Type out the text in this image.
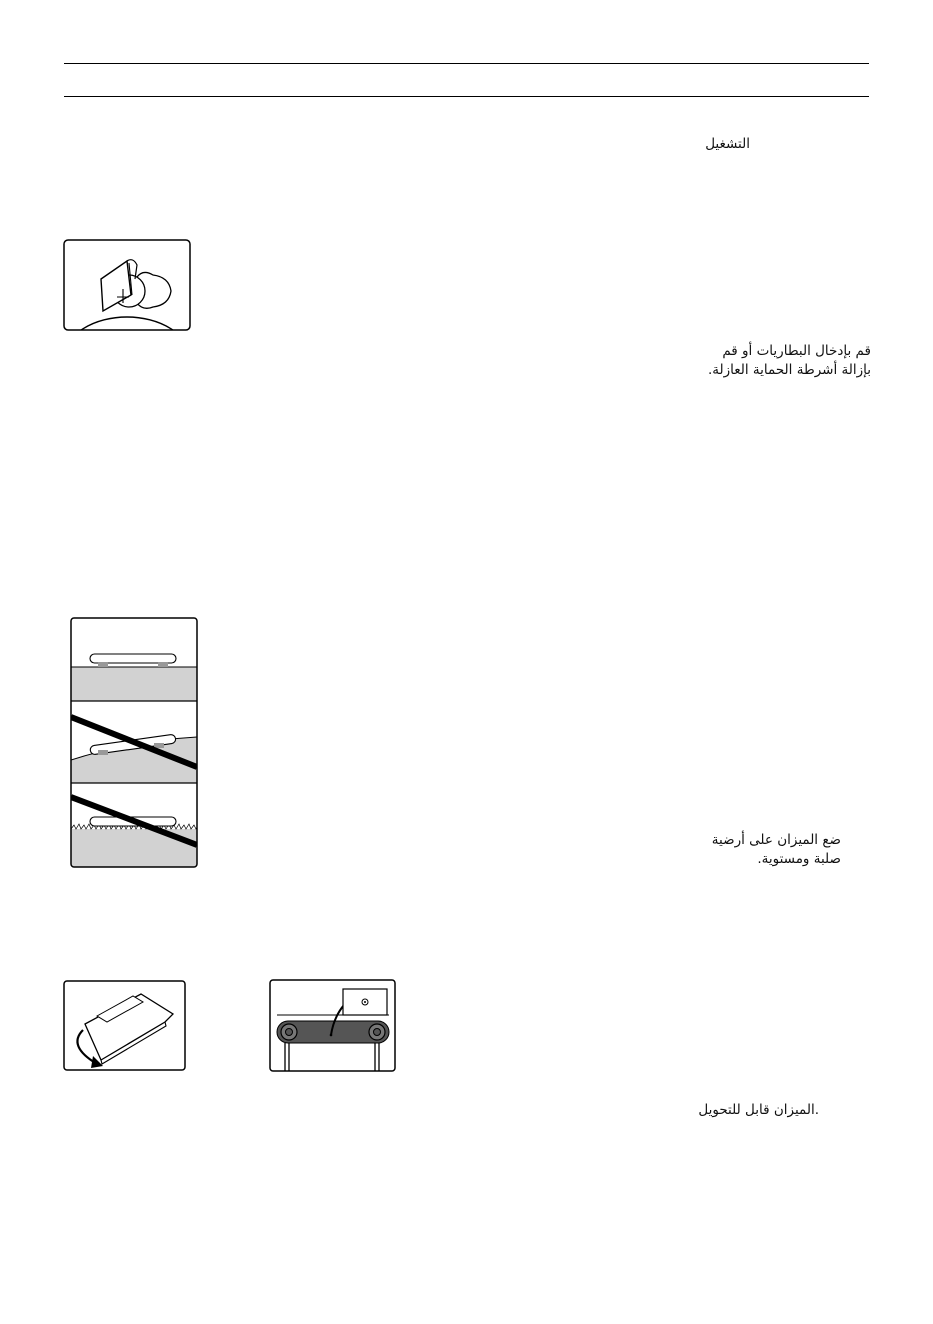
التشغيل
قم بإدخال البطاريات أو قم
بإزالة أشرطة الحماية العازلة.
ضع الميزان على أرضية
صلبة ومستوية.
.الميزان قابل للتحويل
